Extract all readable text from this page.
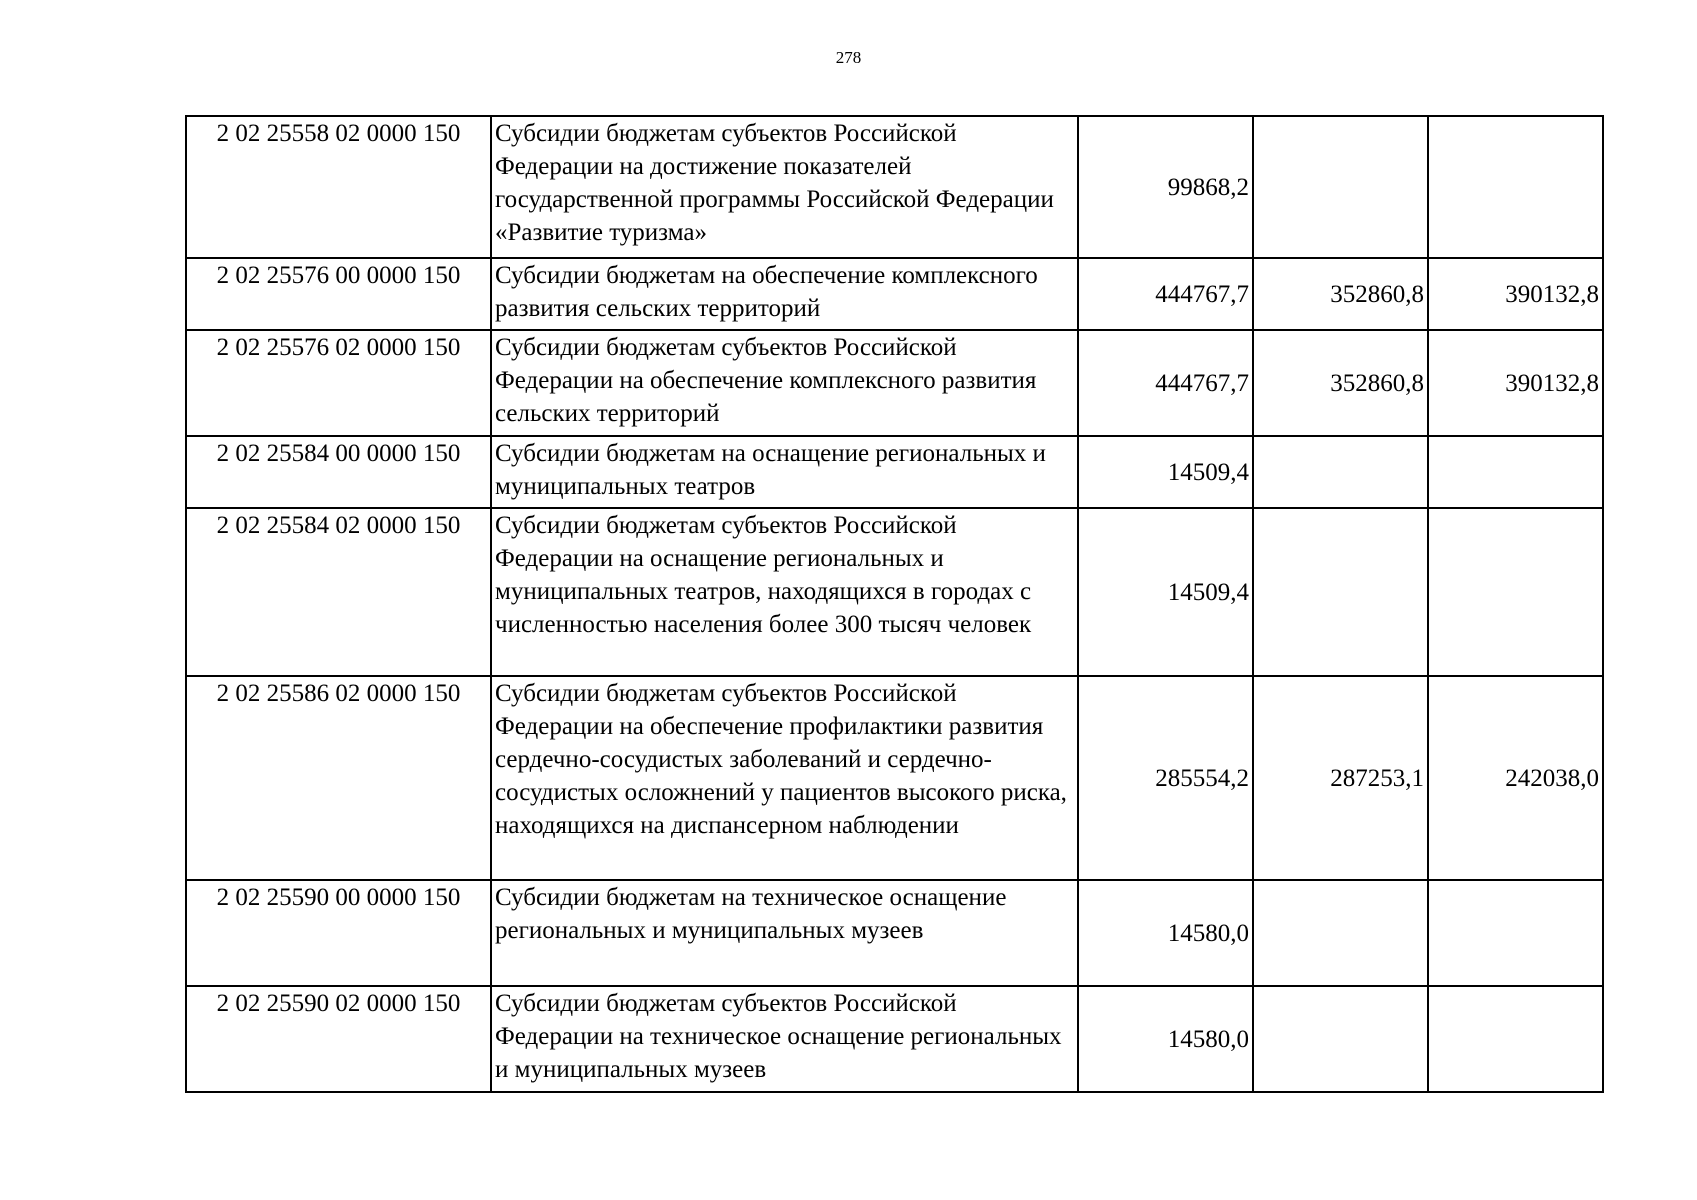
278
2 02 25558 02 0000 150	Субсидии бюджетам субъектов Российской Федерации на достижение показателей государственной программы Российской Федерации «Развитие туризма»	99868,2		
2 02 25576 00 0000 150	Субсидии бюджетам на обеспечение комплексного развития сельских территорий	444767,7	352860,8	390132,8
2 02 25576 02 0000 150	Субсидии бюджетам субъектов Российской Федерации на обеспечение комплексного развития сельских территорий	444767,7	352860,8	390132,8
2 02 25584 00 0000 150	Субсидии бюджетам на оснащение региональных и муниципальных театров	14509,4		
2 02 25584 02 0000 150	Субсидии бюджетам субъектов Российской Федерации на оснащение региональных и муниципальных театров, находящихся в городах с численностью населения более 300 тысяч человек	14509,4		
2 02 25586 02 0000 150	Субсидии бюджетам субъектов Российской Федерации на обеспечение профилактики развития сердечно-сосудистых заболеваний и сердечно-сосудистых осложнений у пациентов высокого риска, находящихся на диспансерном наблюдении	285554,2	287253,1	242038,0
2 02 25590 00 0000 150	Субсидии бюджетам на техническое оснащение региональных и муниципальных музеев	14580,0		
2 02 25590 02 0000 150	Субсидии бюджетам субъектов Российской Федерации на техническое оснащение региональных и муниципальных музеев	14580,0		
